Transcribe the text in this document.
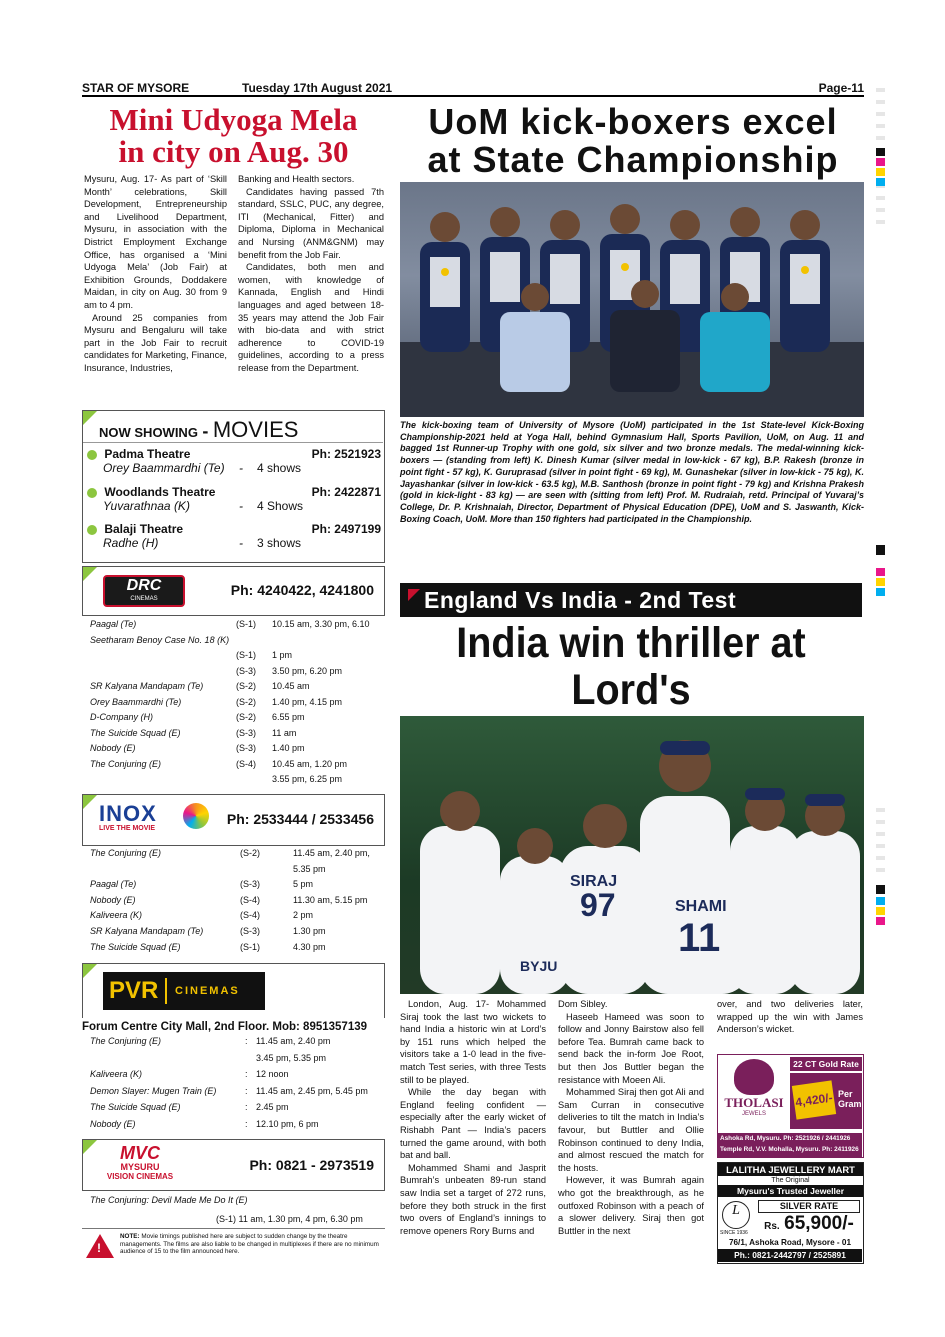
STAR OF MYSORE	Tuesday 17th August 2021	Page-11
Mini Udyoga Mela
in city on Aug. 30

Mysuru, Aug. 17- As part of ‘Skill Month’ celebrations, Skill Development, Entrepreneurship and Livelihood Department, Mysuru, in association with the District Employment Exchange Office, has organised a ‘Mini Udyoga Mela’ (Job Fair) at Exhibition Grounds, Doddakere Maidan, in city on Aug. 30 from 9 am to 4 pm.

Around 25 companies from Mysuru and Bengaluru will take part in the Job Fair to recruit candidates for Marketing, Finance, Insurance, Industries,

Banking and Health sectors.

Candidates having passed 7th standard, SSLC, PUC, any degree, ITI (Mechanical, Fitter) and Diploma, Diploma in Mechanical and Nursing (ANM&GNM) may benefit from the Job Fair.

Candidates, both men and women, with knowledge of Kannada, English and Hindi languages and aged between 18-35 years may attend the Job Fair with bio-data and with strict adherence to COVID-19 guidelines, according to a press release from the Department.

NOW SHOWING - MOVIES
Padma Theatre	Ph: 2521923
Orey Baammardhi (Te) - 4 shows
Woodlands Theatre	Ph: 2422871
Yuvarathnaa (K)	- 4 Shows
Balaji Theatre	Ph: 2497199
Radhe (H)	- 3 shows
DRC
CINEMAS
Ph: 4240422, 4241800
Paagal (Te)	(S-1) 10.15 am, 3.30 pm, 6.10
Seetharam Benoy Case No. 18 (K)
(S-1) 1 pm
(S-3) 3.50 pm, 6.20 pm
SR Kalyana Mandapam (Te)	(S-2) 10.45 am
Orey Baammardhi (Te)	(S-2) 1.40 pm, 4.15 pm
D-Company (H)	(S-2) 6.55 pm
The Suicide Squad (E)	(S-3) 11 am
Nobody (E)	(S-3) 1.40 pm
The Conjuring (E)	(S-4) 10.45 am, 1.20 pm
3.55 pm, 6.25 pm
INOX
LIVE THE MOVIE
Ph: 2533444 / 2533456
The Conjuring (E)	(S-2)	11.45 am, 2.40 pm,
5.35 pm
Paagal (Te)	(S-3)	5 pm
Nobody (E)	(S-4)	11.30 am, 5.15 pm
Kaliveera (K)	(S-4)	2 pm
SR Kalyana Mandapam (Te)	(S-3)	1.30 pm
The Suicide Squad (E)	(S-1)	4.30 pm
PVR CINEMAS
Forum Centre City Mall, 2nd Floor. Mob: 8951357139
The Conjuring (E)	: 11.45 am, 2.40 pm
3.45 pm, 5.35 pm
Kaliveera (K)	: 12 noon
Demon Slayer: Mugen Train (E)	: 11.45 am, 2.45 pm, 5.45 pm
The Suicide Squad (E)	: 2.45 pm
Nobody (E)	: 12.10 pm, 6 pm
MVC
MYSURU
VISION CINEMAS
Ph: 0821 - 2973519
The Conjuring: Devil Made Me Do It (E)
(S-1) 11 am, 1.30 pm, 4 pm, 6.30 pm
!
NOTE: Movie timings published here are subject to sudden change by the theatre managements. The films are also liable to be changed in multiplexes if there are no minimum audience of 15 to the film announced here.
UoM kick-boxers excel
at State Championship
The kick-boxing team of University of Mysore (UoM) participated in the 1st State-level Kick-Boxing Championship-2021 held at Yoga Hall, behind Gymnasium Hall, Sports Pavilion, UoM, on Aug. 11 and bagged 1st Runner-up Trophy with one gold, six silver and two bronze medals. The medal-winning kick-boxers — (standing from left) K. Dinesh Kumar (silver medal in low-kick - 67 kg), B.P. Rakesh (bronze in point fight - 57 kg), K. Guruprasad (silver in point fight - 69 kg), M. Gunashekar (silver in low-kick - 75 kg), K. Jayashankar (silver in low-kick - 63.5 kg), M.B. Santhosh (bronze in point fight - 79 kg) and Krishna Prakesh (gold in kick-light - 83 kg) — are seen with (sitting from left) Prof. M. Rudraiah, retd. Principal of Yuvaraj’s College, Dr. P. Krishnaiah, Director, Department of Physical Education (DPE), UoM and S. Jaswanth, Kick-Boxing Coach, UoM. More than 150 fighters had participated in the Championship.
England Vs India - 2nd Test
India win thriller at Lord's
SIRAJ
97	SHAMI
11
BYJU

London, Aug. 17- Mohammed Siraj took the last two wickets to hand India a historic win at Lord’s by 151 runs which helped the visitors take a 1-0 lead in the five-match Test series, with three Tests still to be played.

While the day began with England feeling confident — especially after the early wicket of Rishabh Pant — India’s pacers turned the game around, with both bat and ball.

Mohammed Shami and Jasprit Bumrah’s unbeaten 89-run stand saw India set a target of 272 runs, before they both struck in the first two overs of England’s innings to remove openers Rory Burns and

Dom Sibley.

Haseeb Hameed was soon to follow and Jonny Bairstow also fell before Tea. Bumrah came back to send back the in-form Joe Root, but then Jos Buttler began the resistance with Moeen Ali.

Mohammed Siraj then got Ali and Sam Curran in consecutive deliveries to tilt the match in India’s favour, but Buttler and Ollie Robinson continued to deny India, and almost rescued the match for the hosts.

However, it was Bumrah again who got the breakthrough, as he outfoxed Robinson with a peach of a slower delivery. Siraj then got Buttler in the next

over, and two deliveries later, wrapped up the win with James Anderson’s wicket.

THOLASI
JEWELS
22 CT Gold Rate
4,420/- Per
Gram
Ashoka Rd, Mysuru. Ph: 2521926 / 2441926
Temple Rd, V.V. Mohalla, Mysuru. Ph: 2411926
LALITHA JEWELLERY MART
The Original
Mysuru's Trusted Jeweller
L
SINCE 1936
SILVER RATE
Rs. 65,900/-
76/1, Ashoka Road, Mysore - 01
Ph.: 0821-2442797 / 2525891
